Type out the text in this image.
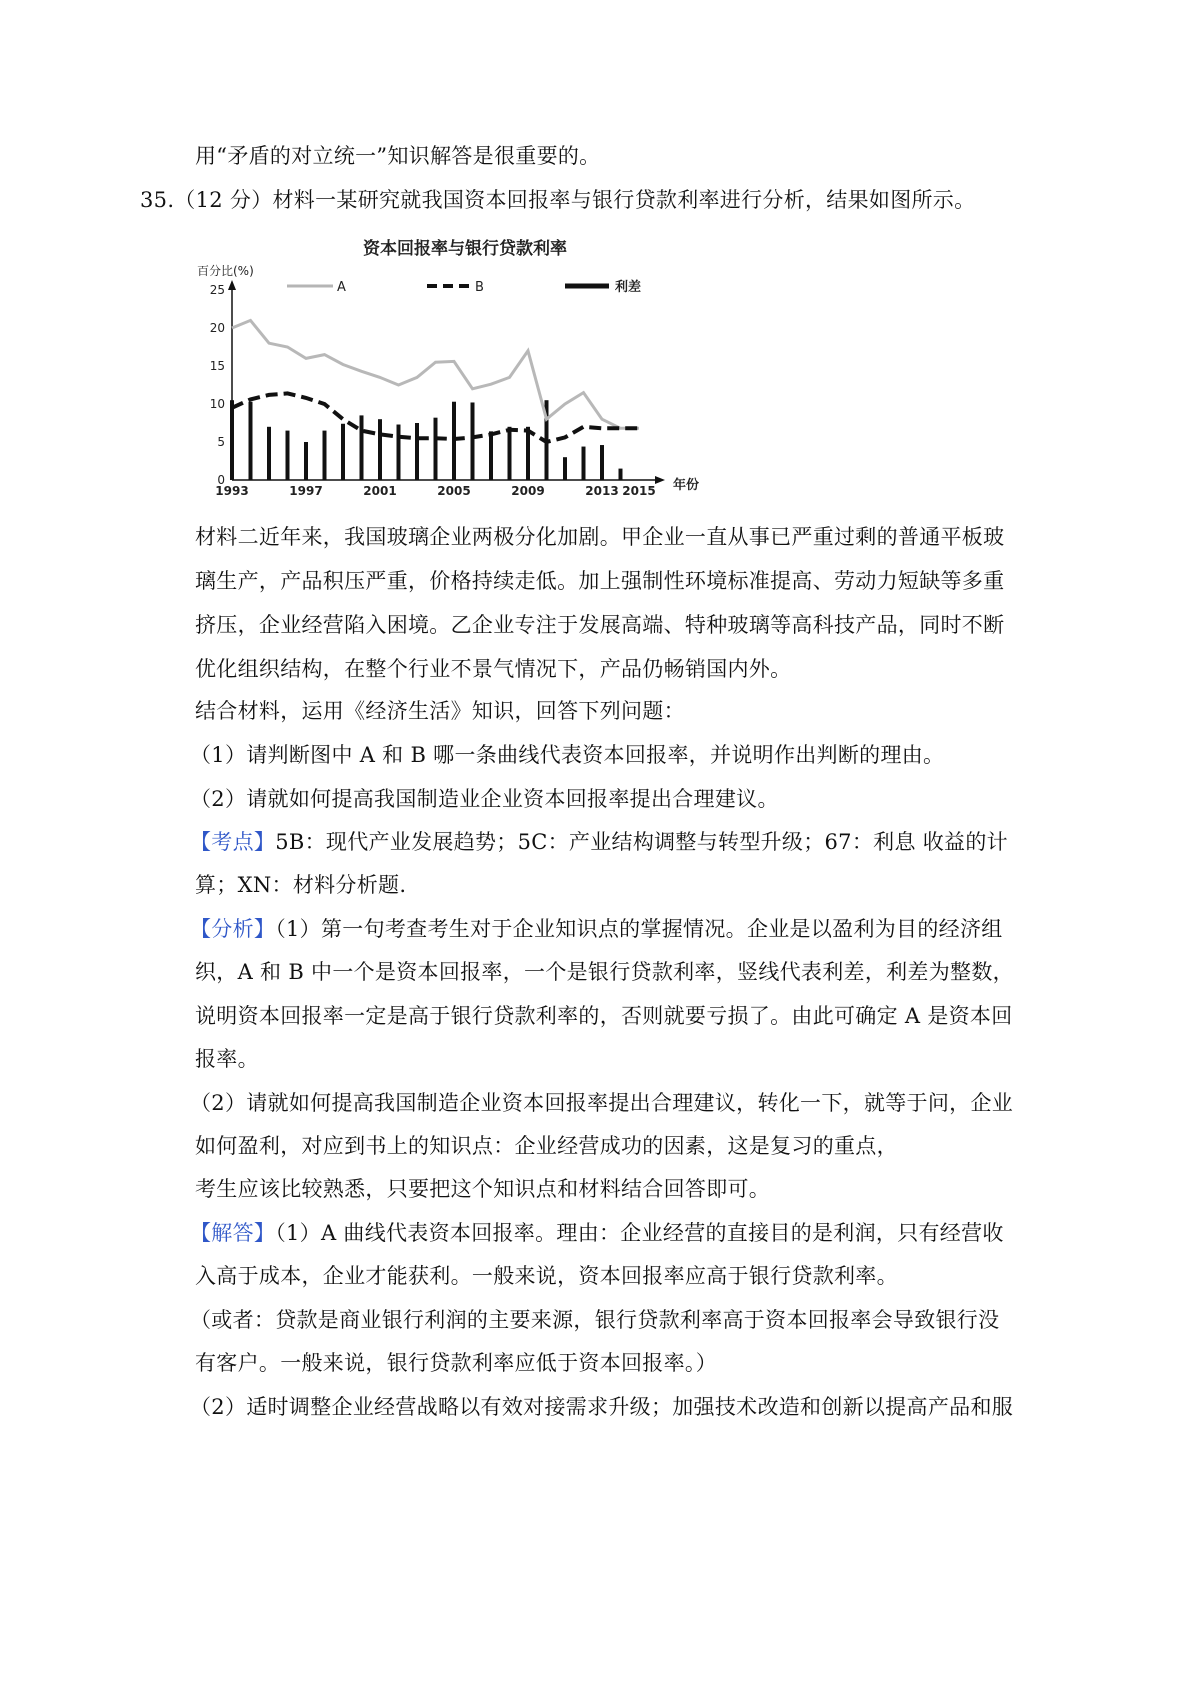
用“矛盾的对立统一”知识解答是很重要的。
35.（12 分）材料一某研究就我国资本回报率与银行贷款利率进行分析，结果如图所示。
资本回报率与银行贷款利率
百分比(%)
年份
A	B	利差
0
5
10
15
20
25
1993	1997	2001	2005	2009	2013 2015
材料二近年来，我国玻璃企业两极分化加剧。甲企业一直从事已严重过剩的普通平板玻
璃生产，产品积压严重，价格持续走低。加上强制性环境标准提高、劳动力短缺等多重
挤压，企业经营陷入困境。乙企业专注于发展高端、特种玻璃等高科技产品，同时不断
优化组织结构，在整个行业不景气情况下，产品仍畅销国内外。
结合材料，运用《经济生活》知识，回答下列问题：
（1）请判断图中 A 和 B 哪一条曲线代表资本回报率，并说明作出判断的理由。
（2）请就如何提高我国制造业企业资本回报率提出合理建议。
【考点】5B：现代产业发展趋势；5C：产业结构调整与转型升级；67：利息 收益的计
算；XN：材料分析题.
【分析】（1）第一句考查考生对于企业知识点的掌握情况。企业是以盈利为目的经济组
织，A 和 B 中一个是资本回报率，一个是银行贷款利率，竖线代表利差，利差为整数，
说明资本回报率一定是高于银行贷款利率的，否则就要亏损了。由此可确定 A 是资本回
报率。
（2）请就如何提高我国制造企业资本回报率提出合理建议，转化一下，就等于问，企业
如何盈利，对应到书上的知识点：企业经营成功的因素，这是复习的重点，
考生应该比较熟悉，只要把这个知识点和材料结合回答即可。
【解答】（1）A 曲线代表资本回报率。理由：企业经营的直接目的是利润，只有经营收
入高于成本，企业才能获利。一般来说，资本回报率应高于银行贷款利率。
（或者：贷款是商业银行利润的主要来源，银行贷款利率高于资本回报率会导致银行没
有客户。一般来说，银行贷款利率应低于资本回报率。）
（2）适时调整企业经营战略以有效对接需求升级；加强技术改造和创新以提高产品和服
